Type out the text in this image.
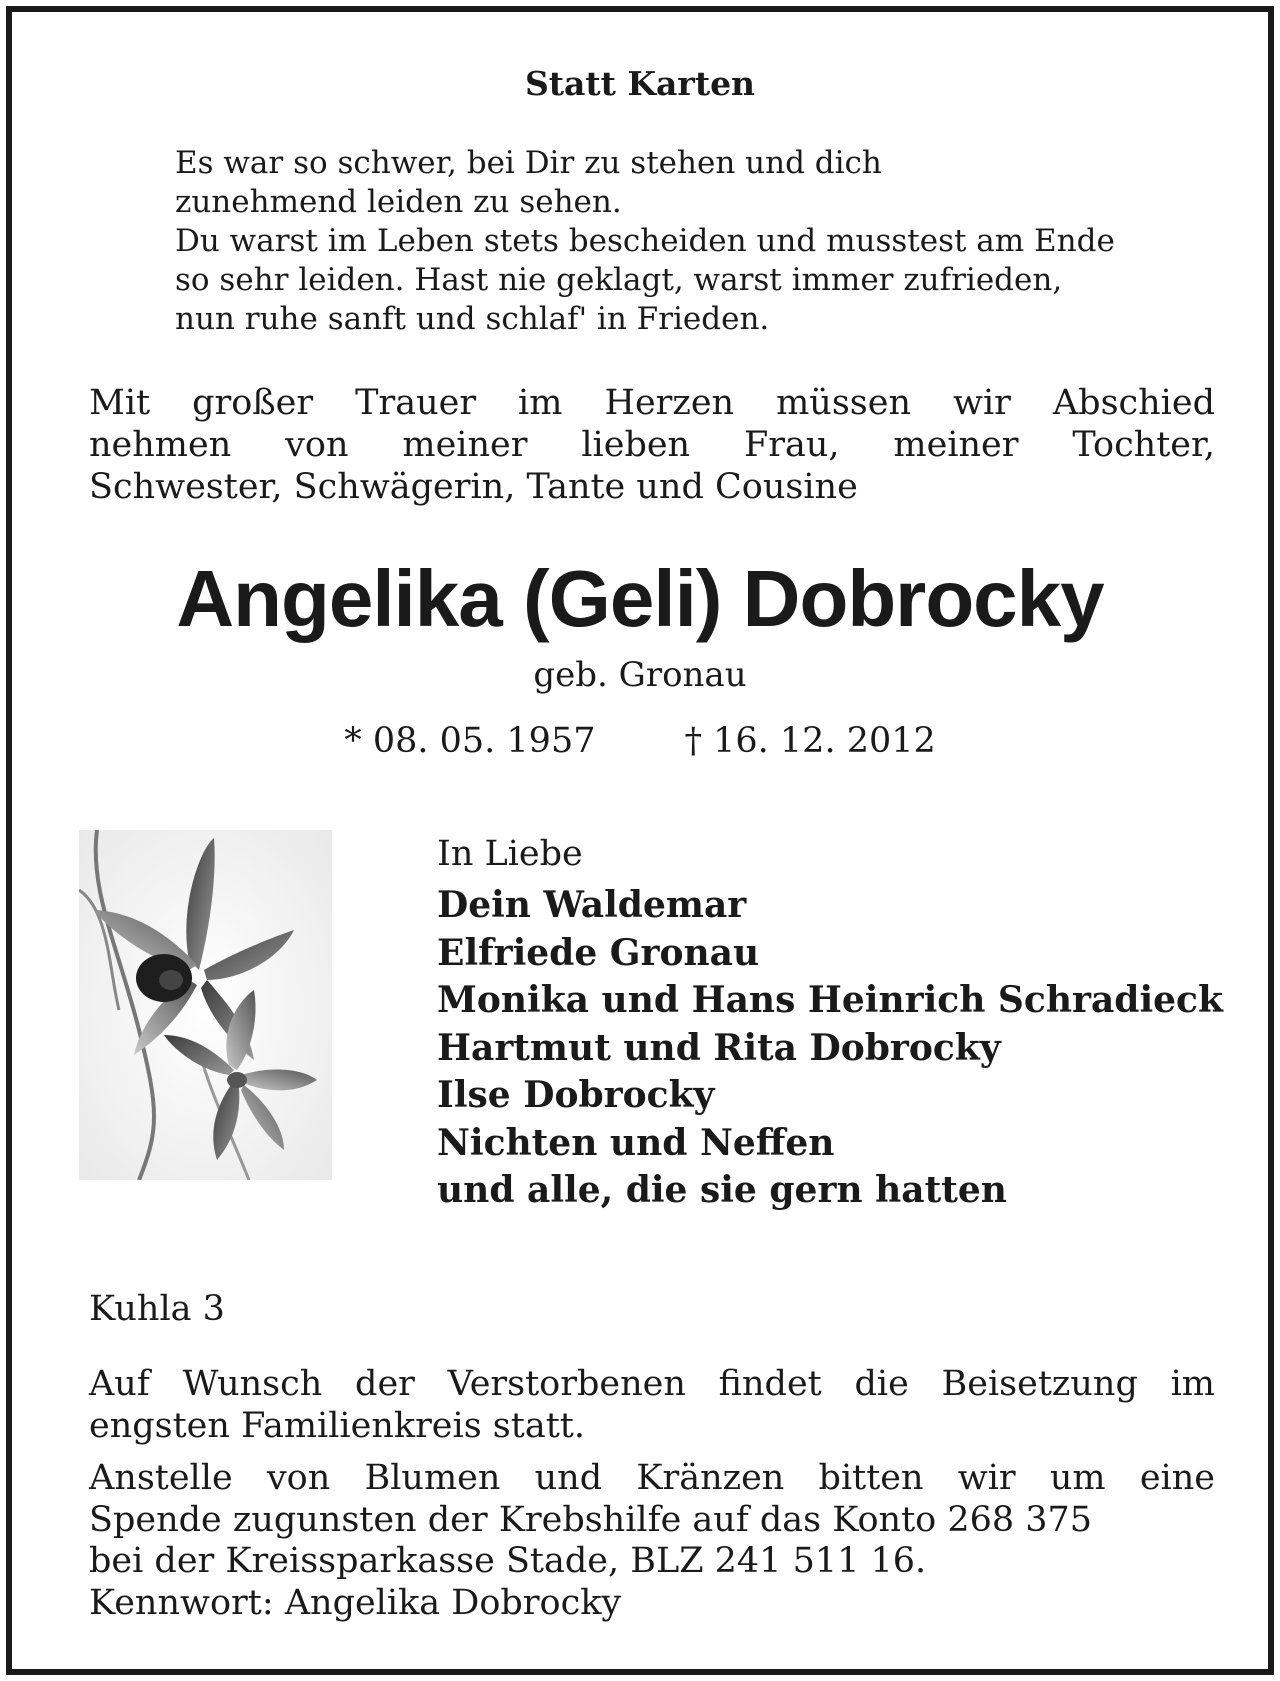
Statt Karten
Es war so schwer, bei Dir zu stehen und dich
zunehmend leiden zu sehen.
Du warst im Leben stets bescheiden und musstest am Ende
so sehr leiden. Hast nie geklagt, warst immer zufrieden,
nun ruhe sanft und schlaf' in Frieden.
Mit großer Trauer im Herzen müssen wir Abschied
nehmen von meiner lieben Frau, meiner Tochter,
Schwester, Schwägerin, Tante und Cousine
Angelika (Geli) Dobrocky
geb. Gronau
* 08. 05. 1957        † 16. 12. 2012
In Liebe
Dein Waldemar
Elfriede Gronau
Monika und Hans Heinrich Schradieck
Hartmut und Rita Dobrocky
Ilse Dobrocky
Nichten und Neffen
und alle, die sie gern hatten
Kuhla 3

Auf Wunsch der Verstorbenen findet die Beisetzung im
engsten Familienkreis statt.

Anstelle von Blumen und Kränzen bitten wir um eine
Spende zugunsten der Krebshilfe auf das Konto 268 375
bei der Kreissparkasse Stade, BLZ 241 511 16.
Kennwort: Angelika Dobrocky
